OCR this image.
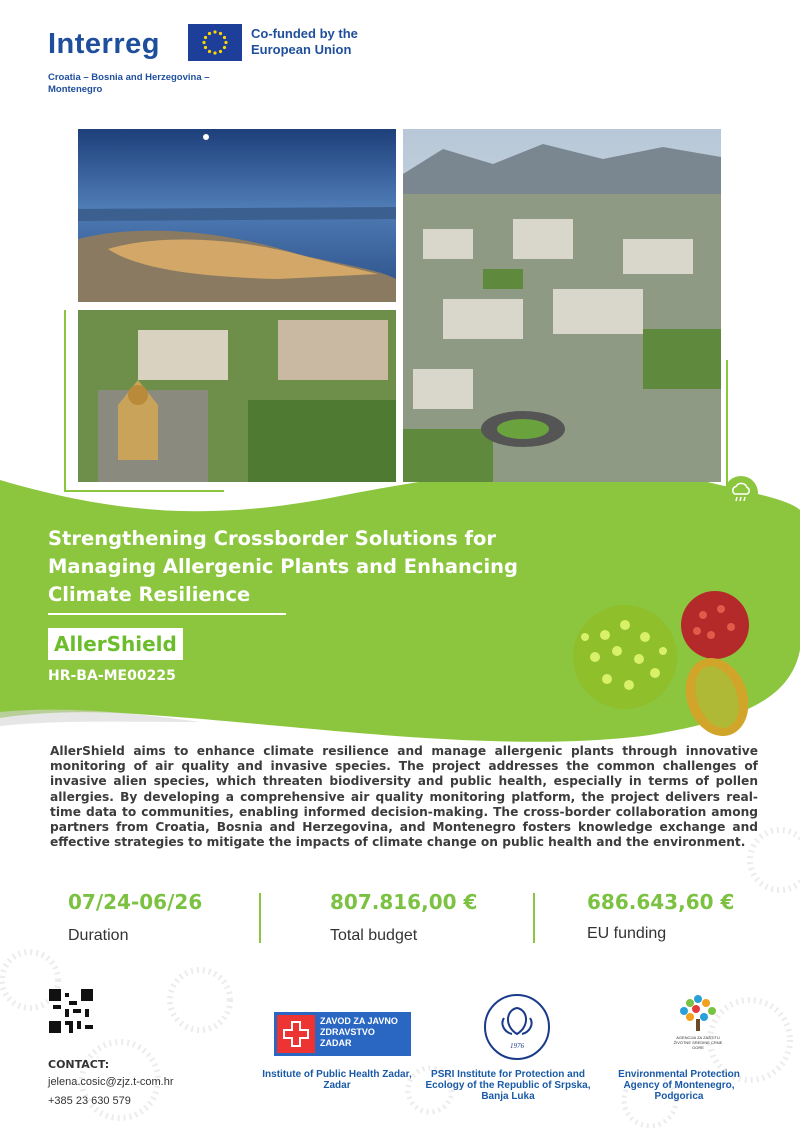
Interreg	Co-funded by the European Union
Croatia – Bosnia and Herzegovina – Montenegro
Strengthening Crossborder Solutions for Managing Allergenic Plants and Enhancing Climate Resilience
AllerShield
HR-BA-ME00225
AllerShield aims to enhance climate resilience and manage allergenic plants through innovative monitoring of air quality and invasive species. The project addresses the common challenges of invasive alien species, which threaten biodiversity and public health, especially in terms of pollen allergies. By developing a comprehensive air quality monitoring platform, the project delivers real-time data to communities, enabling informed decision-making. The cross-border collaboration among partners from Croatia, Bosnia and Herzegovina, and Montenegro fosters knowledge exchange and effective strategies to mitigate the impacts of climate change on public health and the environment.
07/24-06/26
Duration
807.816,00 €
Total budget
686.643,60 €
EU funding
CONTACT:
jelena.cosic@zjz.t-com.hr
+385 23 630 579
ZAVOD ZA JAVNO ZDRAVSTVO ZADAR
Institute of Public Health Zadar, Zadar
1976
PSRI Institute for Protection and Ecology of the Republic of Srpska, Banja Luka
AGENCIJA ZA ZAŠTITU ŽIVOTNE SREDINE CRNE GORE
Environmental Protection Agency of Montenegro, Podgorica
